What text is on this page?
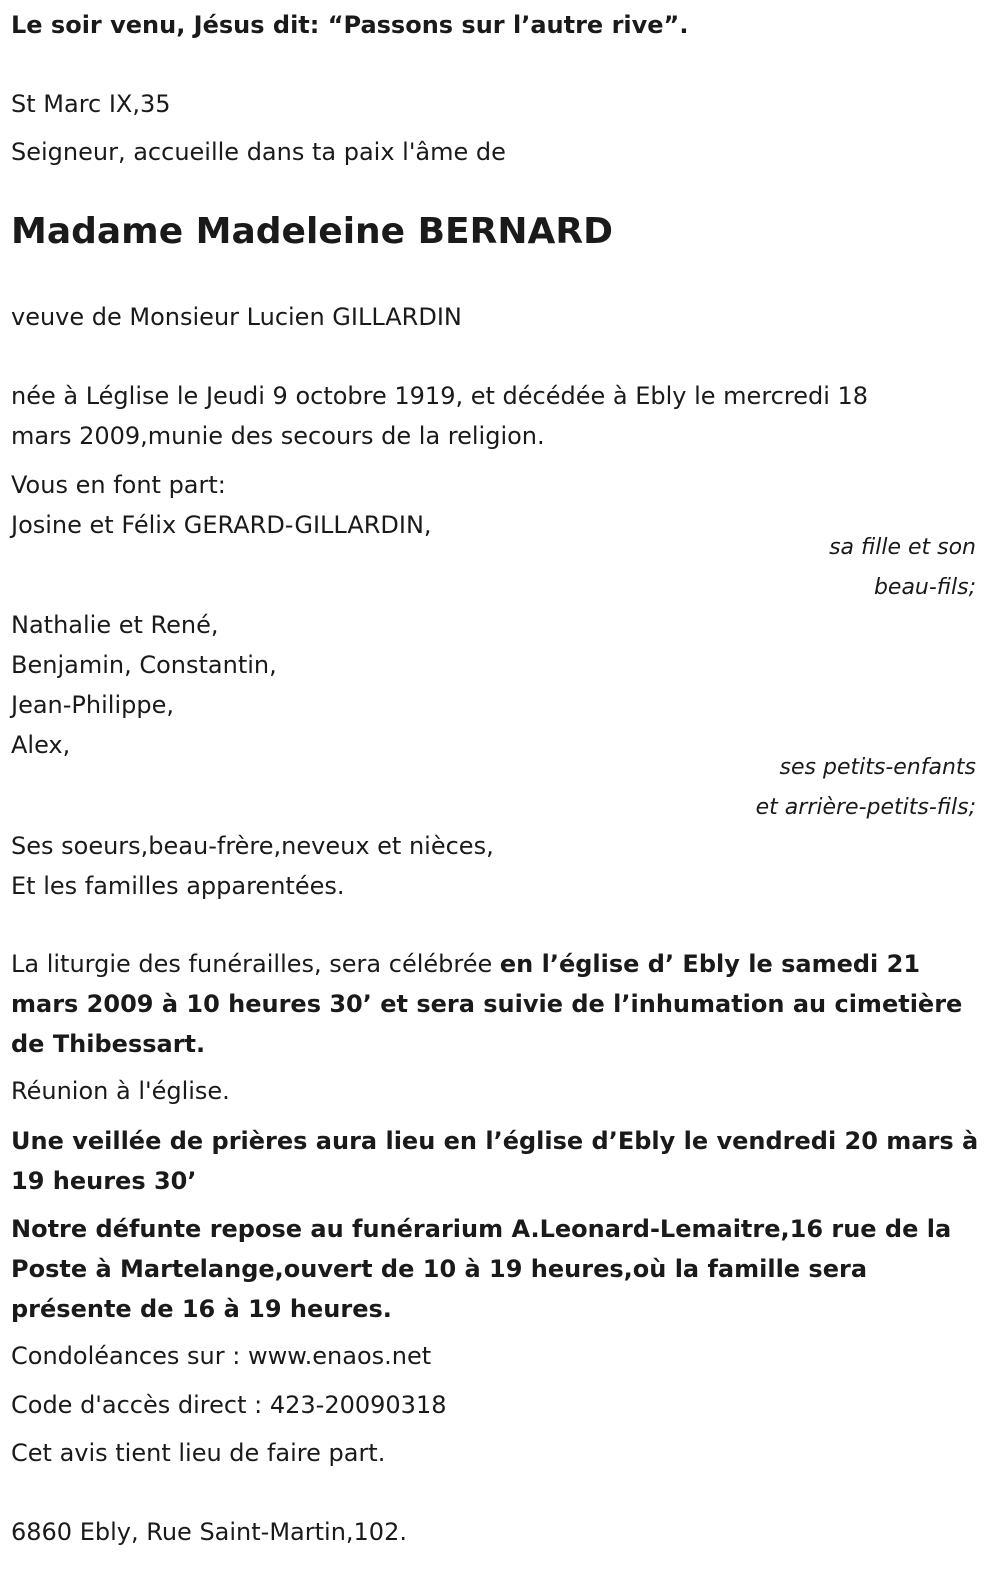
Le soir venu, Jésus dit: “Passons sur l’autre rive”.

St Marc IX,35

Seigneur, accueille dans ta paix l'âme de

Madame Madeleine BERNARD

veuve de Monsieur Lucien GILLARDIN

née à Léglise le Jeudi 9 octobre 1919, et décédée à Ebly le mercredi 18

mars 2009,munie des secours de la religion.

Vous en font part:

Josine et Félix GERARD-GILLARDIN,

sa fille et son

beau-fils;

Nathalie et René,

Benjamin, Constantin,

Jean-Philippe,

Alex,

ses petits-enfants

et arrière-petits-fils;

Ses soeurs,beau-frère,neveux et nièces,

Et les familles apparentées.

La liturgie des funérailles, sera célébrée en l’église d’ Ebly le samedi 21 mars 2009 à 10 heures 30’ et sera suivie de l’inhumation au cimetière de Thibessart.

Réunion à l'église.

Une veillée de prières aura lieu en l’église d’Ebly le vendredi 20 mars à 19 heures 30’

Notre défunte repose au funérarium A.Leonard-Lemaitre,16 rue de la Poste à Martelange,ouvert de 10 à 19 heures,où la famille sera présente de 16 à 19 heures.

Condoléances sur : www.enaos.net

Code d'accès direct : 423-20090318

Cet avis tient lieu de faire part.

6860 Ebly, Rue Saint-Martin,102.
